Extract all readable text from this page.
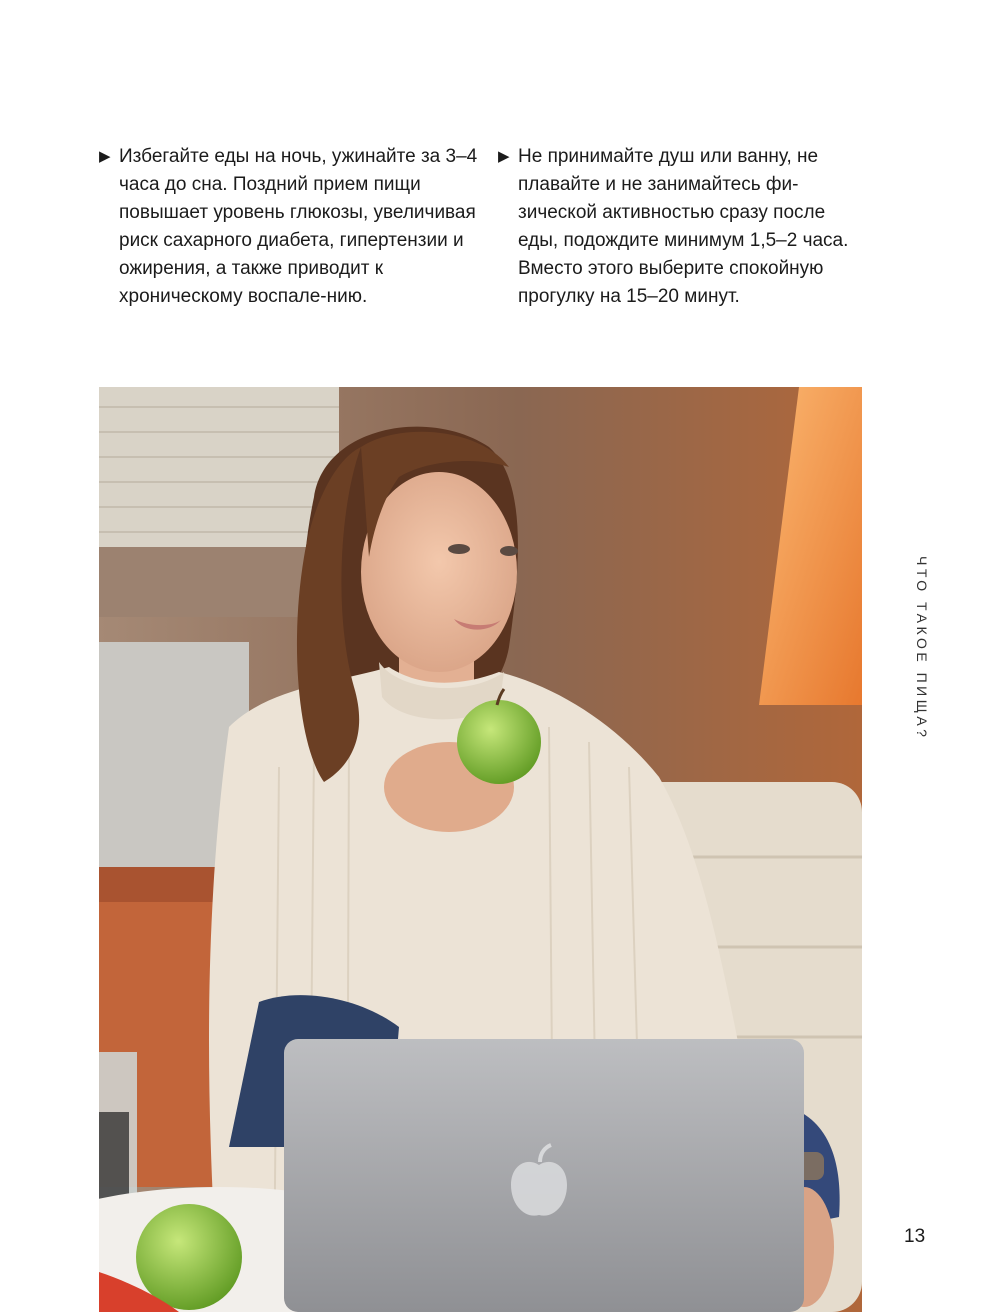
▶ Избегайте еды на ночь, ужинайте за 3–4 часа до сна. Поздний прием пищи повышает уровень глюкозы, увеличивая риск сахарного диабета, гипертензии и ожирения, а также приводит к хроническому воспале-нию.

▶ Не принимайте душ или ванну, не плавайте и не занимайтесь фи-зической активностью сразу после еды, подождите минимум 1,5–2 часа. Вместо этого выберите спокойную прогулку на 15–20 минут.

ЧТО ТАКОЕ ПИЩА?
13
